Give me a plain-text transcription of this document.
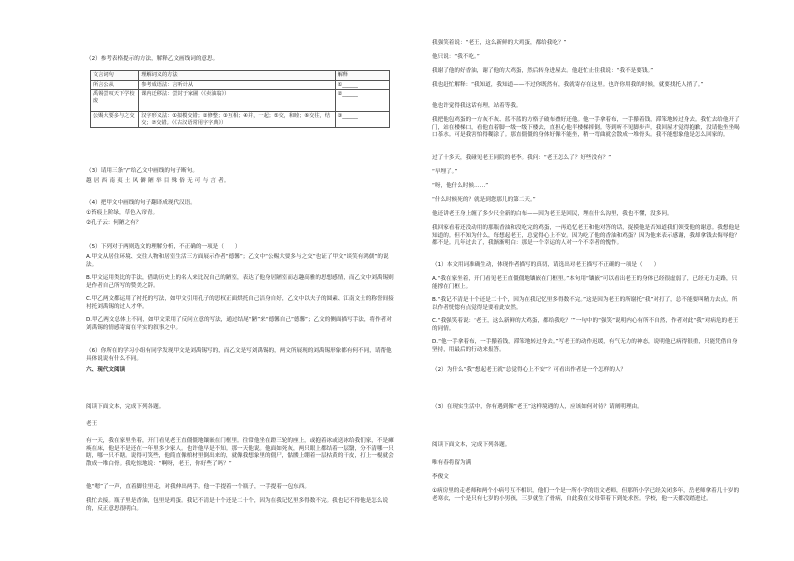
（2）参考表格提示的方法，解释乙文画线词的意思。
文言词句	理解词义的方法	解释
所言公从	参考成语法：言听计从	①______
禹锡尝叹天下学校废	课内迁移法：尝封于家圃（《卖油翁》）	②______
公赐大要多与之交	汉字形义法：①拟模交错；②修整；③互相；④并，一起；⑤交，和睦；⑥交往，结交；⑦交错。（《古汉语常用字字典》）	③______
（3）请用三条“/”给乙文中画线的句子断句。
越 居 西 南 夷 土 风 僻 陋 举 目 殊 俗 无 可 与 言 者。
（4）把甲文中画线的句子翻译成现代汉语。
①苔痕上阶绿，草色入帘青。
②孔子云：何陋之有？
（5）下列对于两则选文的理解分析，不正确的一项是（　　）
A.甲文从居住环境、交往人物和居室生活三方面展示作者“德馨”；乙文中“公赐大要多与之交”也证了甲文“谈笑有鸿儒”的说法。
B.甲文运用类比的手法，借助历史上的名人来比况自己的陋室，表达了他身居陋室而志趣高雅的思想感情，而乙文中刘禹锡则是作者自己所写的赞美之辞。
C.甲乙两文都运用了衬托的写法，如甲文引用孔子的思权正面烘托自己洁身自好，乙文中以夫子的圆素、江南文士的称誉间接衬托刘禹锡的过人才华。
D.甲乙两文总体上不同，如甲文采用了反问立意的写法，通过结尾“陋”来“德馨自己”德馨”；乙文的侧面描写手法，将作者对刘禹锡的情感寄寓在平实的叙事之中。
（6）你所在的学习小组有同学发现甲文是刘禹锡写的，而乙文是写刘禹锡的，两文所展现的刘禹锡形象都有何不同，请帮他具体说说有什么不同。
六、现代文阅读
阅读下面文本，完成下列各题。
老王
有一天，我在家里坐着，开门看见老王直僵僵地镶嵌在门框里。往常他坐在蹬三轮的座上，或抱着冰或送冰给我们家，不是瘫痪在床，他是不是还在一年里多少家人。也许他早是不知。那一天他说。他面如死灰，两只眼上都结着一层翳，分不清哪一只瞎，哪一只不瞎。说得可笑些，他简直像棺材里倒出来的，就像我想象里的僵尸，骷髅上绷着一层枯黄的干皮，打上一棍就会散成一堆白骨。我吃惊地说：“啊呀，老王，你好些了吗？”
他“嗯”了一声，直着脚往里走，对我伸出两手。他一手提着一个瓶子，一手提着一包东西。
我忙去接。瓶子里是香油，包里是鸡蛋。我记不清是十个还是二十个，因为在我记忆里多得数不完。我也记不得他是怎么说的，反正意思很明白。
我强笑着说：“老王，这么新鲜的大鸡蛋，都给我吃？”
他只说：“我不吃。”
我谢了他的好香油，谢了他的大鸡蛋，然后转身进屋去。他赶忙止住我说：“我不是要钱。”
我也赶忙解释：“我知道，我知道——不过你既然有，我就寄存在这里。也许你用我的时候，就要找托人捎了。”
他也许觉得我这话有理，站着等我。
我把他包鸡蛋的一方灰不灰、蓝不蓝的方格子破布叠好还他。他一手拿着布，一手攥着钱，滞笨地转过身去。我忙去给他开了门，站在楼梯口，看他直着脚一级一级下楼去，直担心他半楼梯摔倒。等到听不见脚步声，我回屋才觉得抱歉，没请他坐坐喝口茶水。可是我害怕得糊涂了。那直僵僵的身体好像不能坐，稍一弯曲就会散成一堆骨头。我不能想象他是怎么回家的。
过了十多天，我碰见老王同院的老李。我问：“老王怎么了？好些没有？”
“早埋了。”
“呀，他什么时候……”
“什么时候死的？就是到您那儿的第二天。”
他还讲老王身上缠了多少尺全新的白布——因为老王是回民，埋在什么沟里，我也不懂，没多问。
我回家看着还没动用的那瓶香油和没吃完的鸡蛋，一再追忆老王和他对答的话，捉摸他是否知道我们领受他的谢意。我想他是知道的。但不知为什么，每想起老王，总觉得心上不安。因为吃了他的香油和鸡蛋？因为他来表示感谢，我却拿钱去侮辱他？都不是。几年过去了，我渐渐明白：那是一个幸运的人对一个不幸者的愧怍。
（1）本文用词准确生动，体现作者描写的真切，请选出对老王描写不正确的一项是（　　）
A.“我在家坐着，开门看见老王直僵僵地镶嵌在门框里。”本句用“镶嵌”可以看出老王的身体已经很虚弱了，已经无力走路，只能撑在门框上。
B.“我记不清是十个还是二十个，因为在我记忆里多得数不完。”这是因为老王的所谢托“我”对打了，总不能要叫精力去点，所以作者恍惚有点觉得是要看此安然。
C.“我强笑着说：‘老王，这么新鲜的大鸡蛋，都给我吃？’”一句中的“强笑”说明内心有所不自然，作者对此“我”对病危的老王的同情。
D.“他一手拿着布，一手攥着钱，滞笨地转过身去。”写老王的动作迟缓，有气无力的神态，说明他已病得很重，只能凭借自身坚持，用最后的行动来报答。
（2）为什么“我”想起老王就“总觉得心上不安”？可看出作者是一个怎样的人？
（3）在现实生活中，你有遇到像“老王”这样境遇的人，应该如何对待？请阐明理由。
阅读下面文本，完成下列各题。
唯有春将留为满
李俊文
①病房里的走老师和两个小病号互不相识，他们一个是一所小学的语文老师，但那所小学已经关闭多年，岳老师拿着几十岁的老寒衣，一个是只有七岁的小男孩，三岁就生了骨病，自此我在父母带着下到处求医。学校，他一天都没踏进过。
